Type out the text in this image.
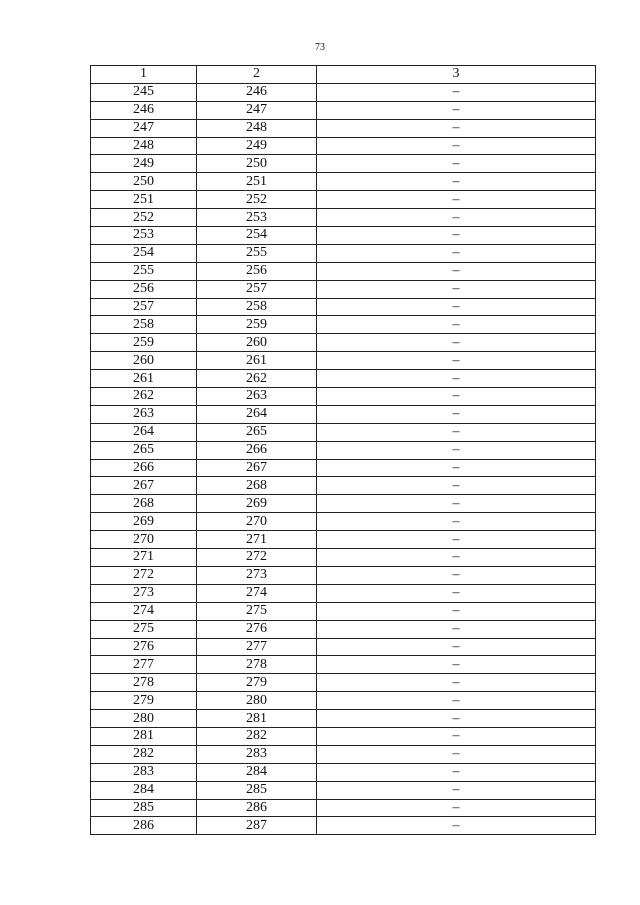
73
1	2	3
245	246	–
246	247	–
247	248	–
248	249	–
249	250	–
250	251	–
251	252	–
252	253	–
253	254	–
254	255	–
255	256	–
256	257	–
257	258	–
258	259	–
259	260	–
260	261	–
261	262	–
262	263	–
263	264	–
264	265	–
265	266	–
266	267	–
267	268	–
268	269	–
269	270	–
270	271	–
271	272	–
272	273	–
273	274	–
274	275	–
275	276	–
276	277	–
277	278	–
278	279	–
279	280	–
280	281	–
281	282	–
282	283	–
283	284	–
284	285	–
285	286	–
286	287	–
